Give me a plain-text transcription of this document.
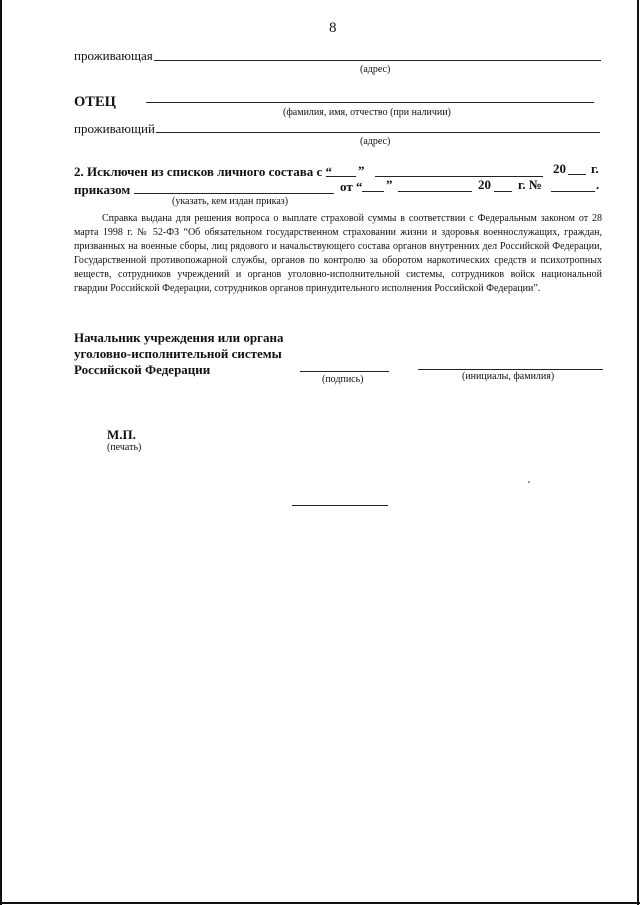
8
проживающая
(адрес)
ОТЕЦ
(фамилия, имя, отчество (при наличии)
проживающий
(адрес)
2. Исключен из списков личного состава с “ ”	20 г.
приказом
(указать, кем издан приказ)
от “ ”	20 г. №	.
Справка выдана для решения вопроса о выплате страховой суммы в соответствии с Федеральным законом от 28 марта 1998 г. № 52-ФЗ “Об обязательном государственном страховании жизни и здоровья военнослужащих, граждан, призванных на военные сборы, лиц рядового и начальствующего состава органов внутренних дел Российской Федерации, Государственной противопожарной службы, органов по контролю за оборотом наркотических средств и психотропных веществ, сотрудников учреждений и органов уголовно-исполнительной системы, сотрудников войск национальной гвардии Российской Федерации, сотрудников органов принудительного исполнения Российской Федерации”.
Начальник учреждения или органа
уголовно-исполнительной системы
Российской Федерации
(подпись)	(инициалы, фамилия)
М.П.
(печать)
